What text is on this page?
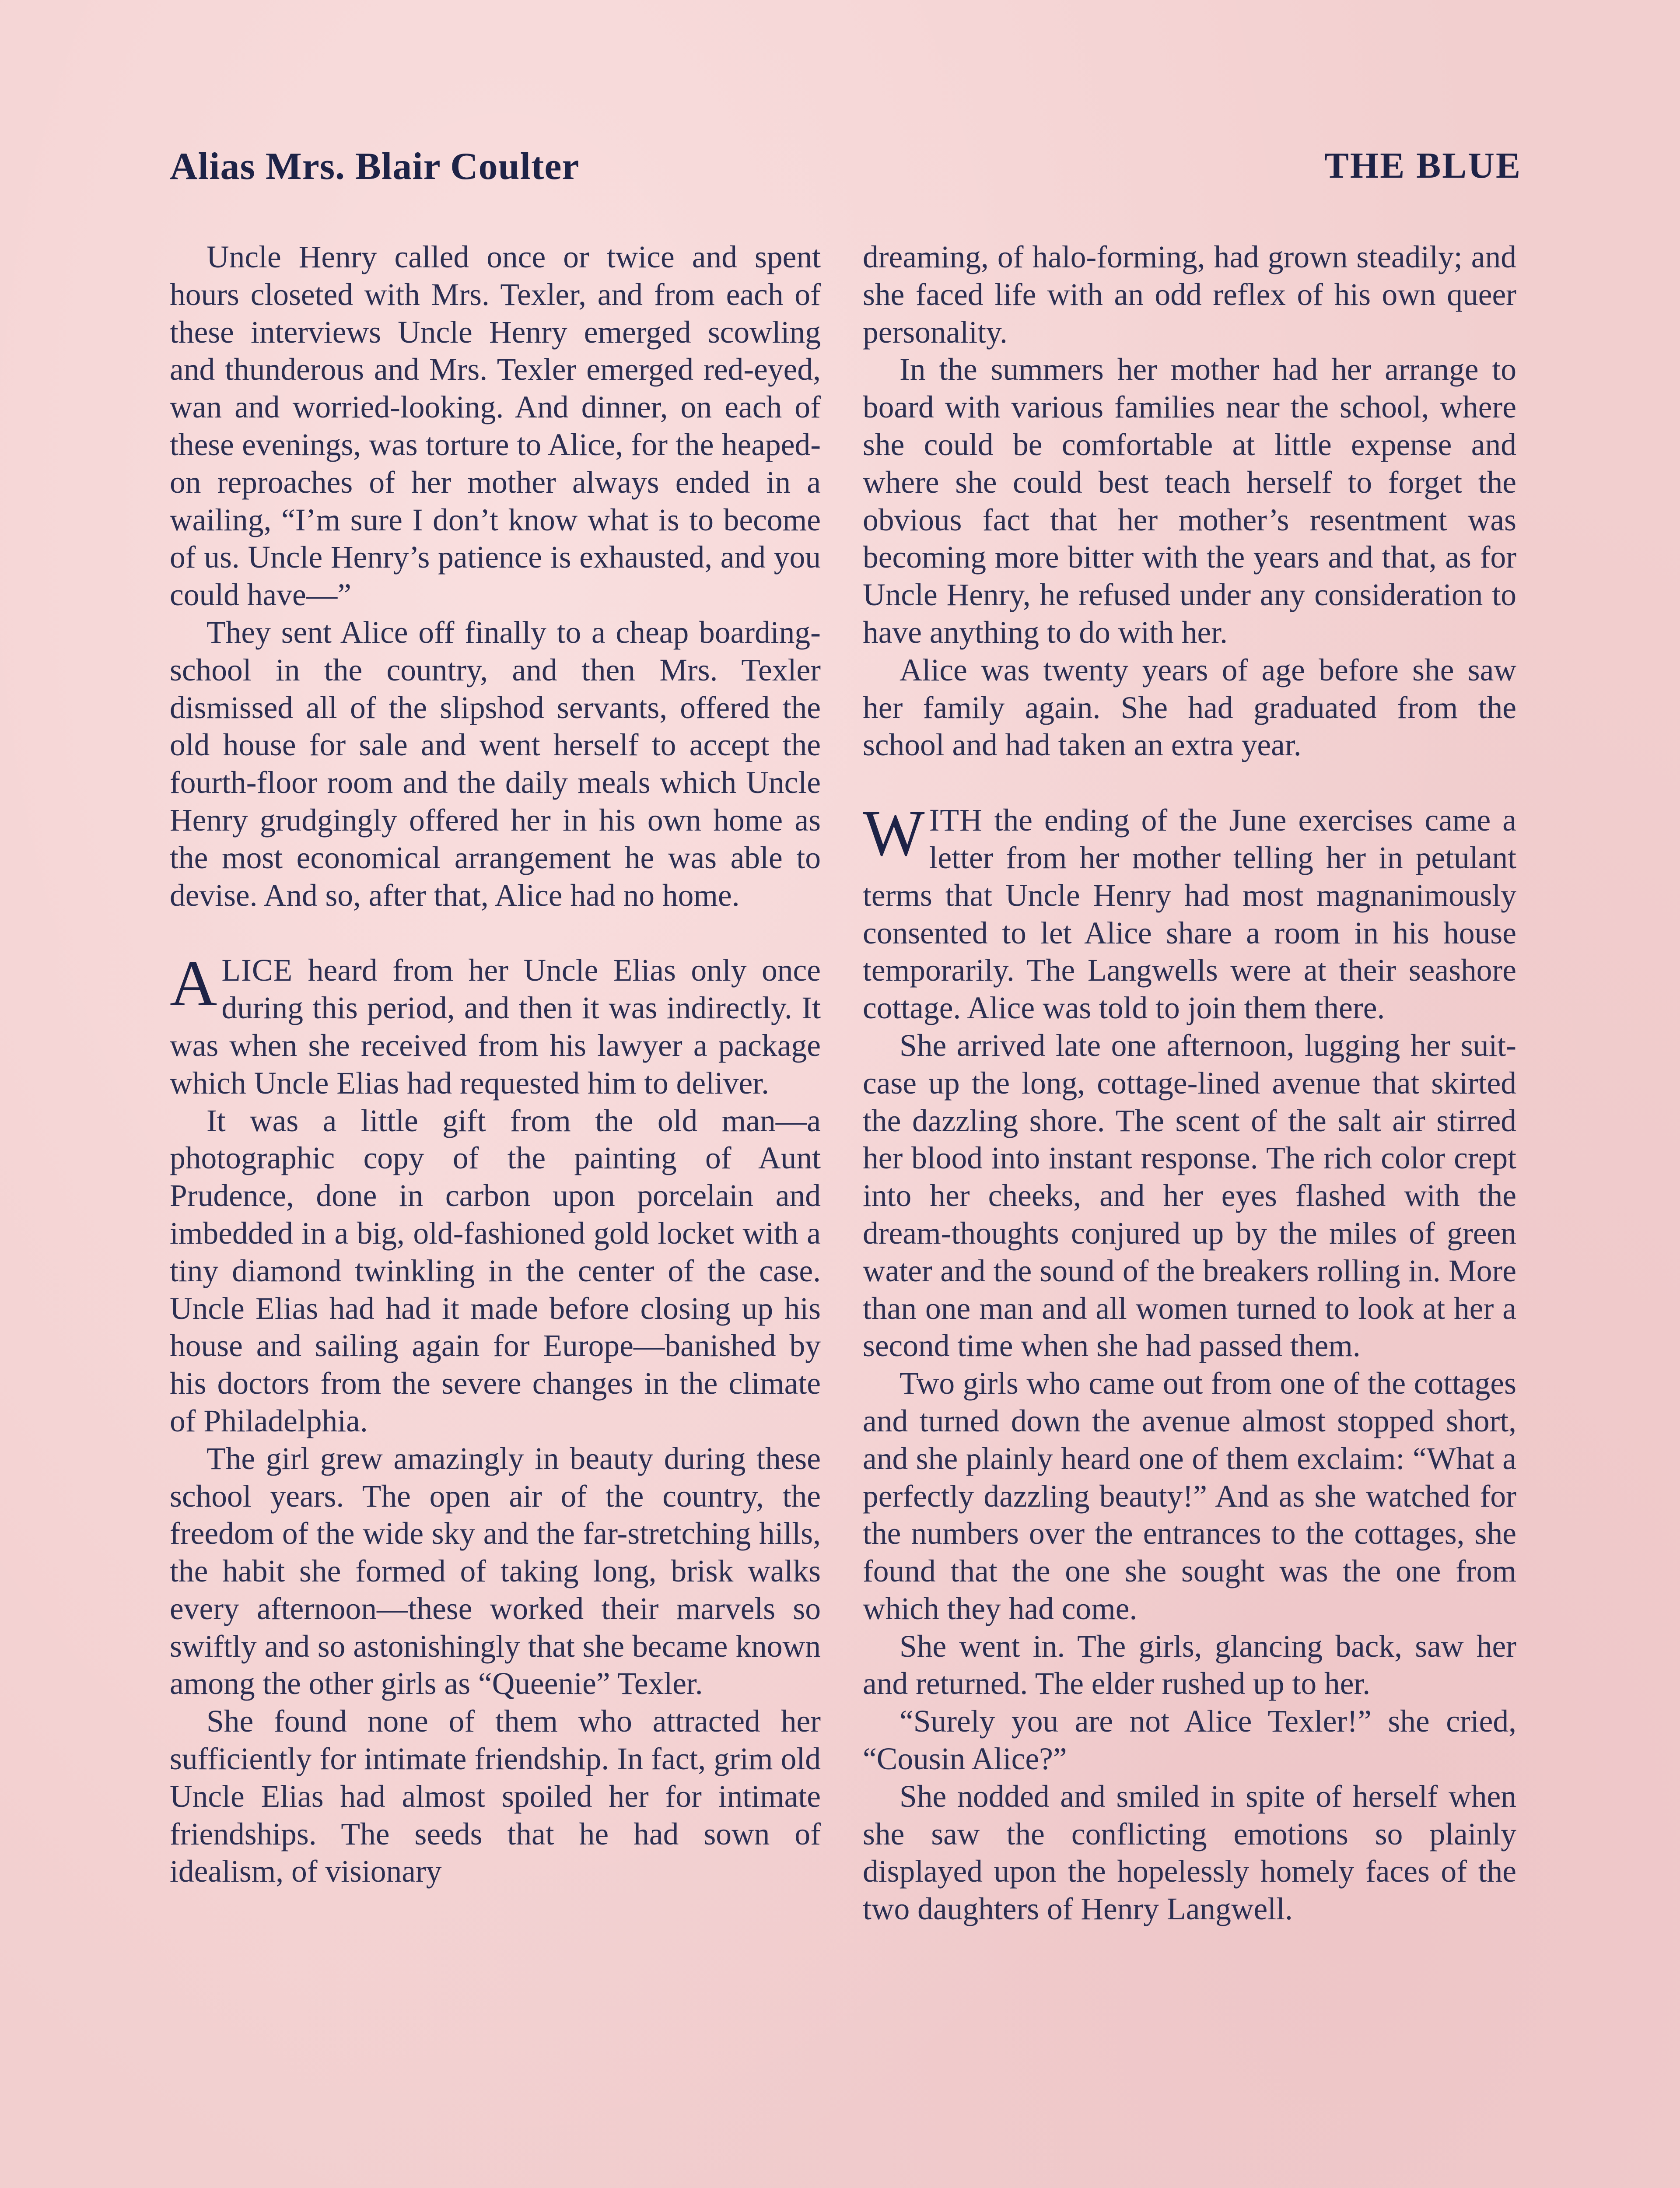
Alias Mrs. Blair Coulter	THE BLUE

Uncle Henry called once or twice and spent hours closeted with Mrs. Texler, and from each of these interviews Uncle Henry emerged scowling and thunderous and Mrs. Texler emerged red-eyed, wan and worried-looking. And dinner, on each of these evenings, was torture to Alice, for the heaped-on reproaches of her mother always ended in a wailing, “I’m sure I don’t know what is to become of us. Uncle Henry’s patience is exhausted, and you could have—”

They sent Alice off finally to a cheap boarding-school in the country, and then Mrs. Texler dismissed all of the slipshod servants, offered the old house for sale and went herself to accept the fourth-floor room and the daily meals which Uncle Henry grudgingly offered her in his own home as the most economical arrangement he was able to devise. And so, after that, Alice had no home.

ALICE heard from her Uncle Elias only once during this period, and then it was indirectly. It was when she received from his lawyer a package which Uncle Elias had requested him to deliver.

It was a little gift from the old man—a photographic copy of the painting of Aunt Prudence, done in carbon upon porcelain and imbedded in a big, old-fashioned gold locket with a tiny diamond twinkling in the center of the case. Uncle Elias had had it made before closing up his house and sailing again for Europe—banished by his doctors from the severe changes in the climate of Philadelphia.

The girl grew amazingly in beauty during these school years. The open air of the country, the freedom of the wide sky and the far-stretching hills, the habit she formed of taking long, brisk walks every afternoon—these worked their marvels so swiftly and so astonishingly that she became known among the other girls as “Queenie” Texler.

She found none of them who attracted her sufficiently for intimate friendship. In fact, grim old Uncle Elias had almost spoiled her for intimate friendships. The seeds that he had sown of idealism, of visionary

dreaming, of halo-forming, had grown steadily; and she faced life with an odd reflex of his own queer personality.

In the summers her mother had her arrange to board with various families near the school, where she could be comfortable at little expense and where she could best teach herself to forget the obvious fact that her mother’s resentment was becoming more bitter with the years and that, as for Uncle Henry, he refused under any consideration to have anything to do with her.

Alice was twenty years of age before she saw her family again. She had graduated from the school and had taken an extra year.

WITH the ending of the June exercises came a letter from her mother telling her in petulant terms that Uncle Henry had most magnanimously consented to let Alice share a room in his house temporarily. The Langwells were at their seashore cottage. Alice was told to join them there.

She arrived late one afternoon, lugging her suit-case up the long, cottage-lined avenue that skirted the dazzling shore. The scent of the salt air stirred her blood into instant response. The rich color crept into her cheeks, and her eyes flashed with the dream-thoughts conjured up by the miles of green water and the sound of the breakers rolling in. More than one man and all women turned to look at her a second time when she had passed them.

Two girls who came out from one of the cottages and turned down the avenue almost stopped short, and she plainly heard one of them exclaim: “What a perfectly dazzling beauty!” And as she watched for the numbers over the entrances to the cottages, she found that the one she sought was the one from which they had come.

She went in. The girls, glancing back, saw her and returned. The elder rushed up to her.

“Surely you are not Alice Texler!” she cried, “Cousin Alice?”

She nodded and smiled in spite of herself when she saw the conflicting emotions so plainly displayed upon the hopelessly homely faces of the two daughters of Henry Langwell.
